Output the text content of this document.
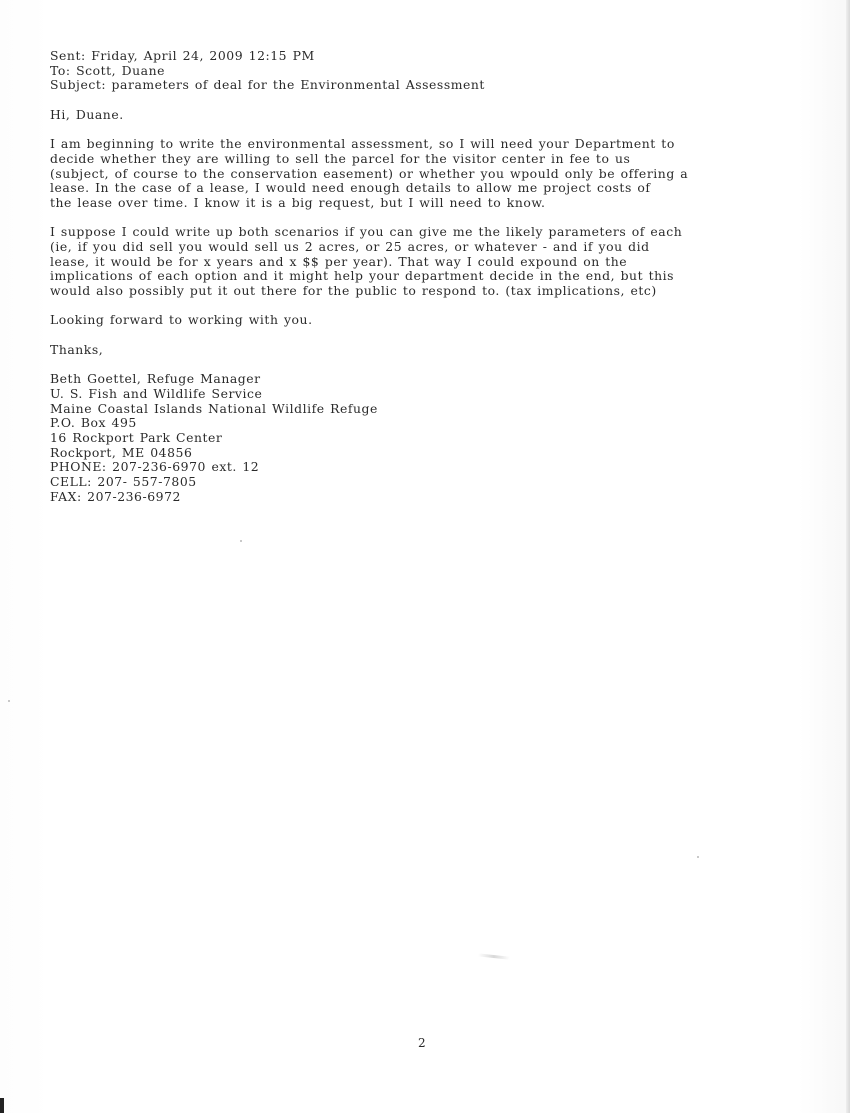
Sent: Friday, April 24, 2009 12:15 PM
To: Scott, Duane
Subject: parameters of deal for the Environmental Assessment
Hi, Duane.
I am beginning to write the environmental assessment, so I will need your Department to
decide whether they are willing to sell the parcel for the visitor center in fee to us
(subject, of course to the conservation easement) or whether you wpould only be offering a
lease. In the case of a lease, I would need enough details to allow me project costs of
the lease over time. I know it is a big request, but I will need to know.
I suppose I could write up both scenarios if you can give me the likely parameters of each
(ie, if you did sell you would sell us 2 acres, or 25 acres, or whatever - and if you did
lease, it would be for x years and x $$ per year). That way I could expound on the
implications of each option and it might help your department decide in the end, but this
would also possibly put it out there for the public to respond to. (tax implications, etc)
Looking forward to working with you.
Thanks,
Beth Goettel, Refuge Manager
U. S. Fish and Wildlife Service
Maine Coastal Islands National Wildlife Refuge
P.O. Box 495
16 Rockport Park Center
Rockport, ME 04856
PHONE: 207-236-6970 ext. 12
CELL: 207- 557-7805
FAX: 207-236-6972
2
